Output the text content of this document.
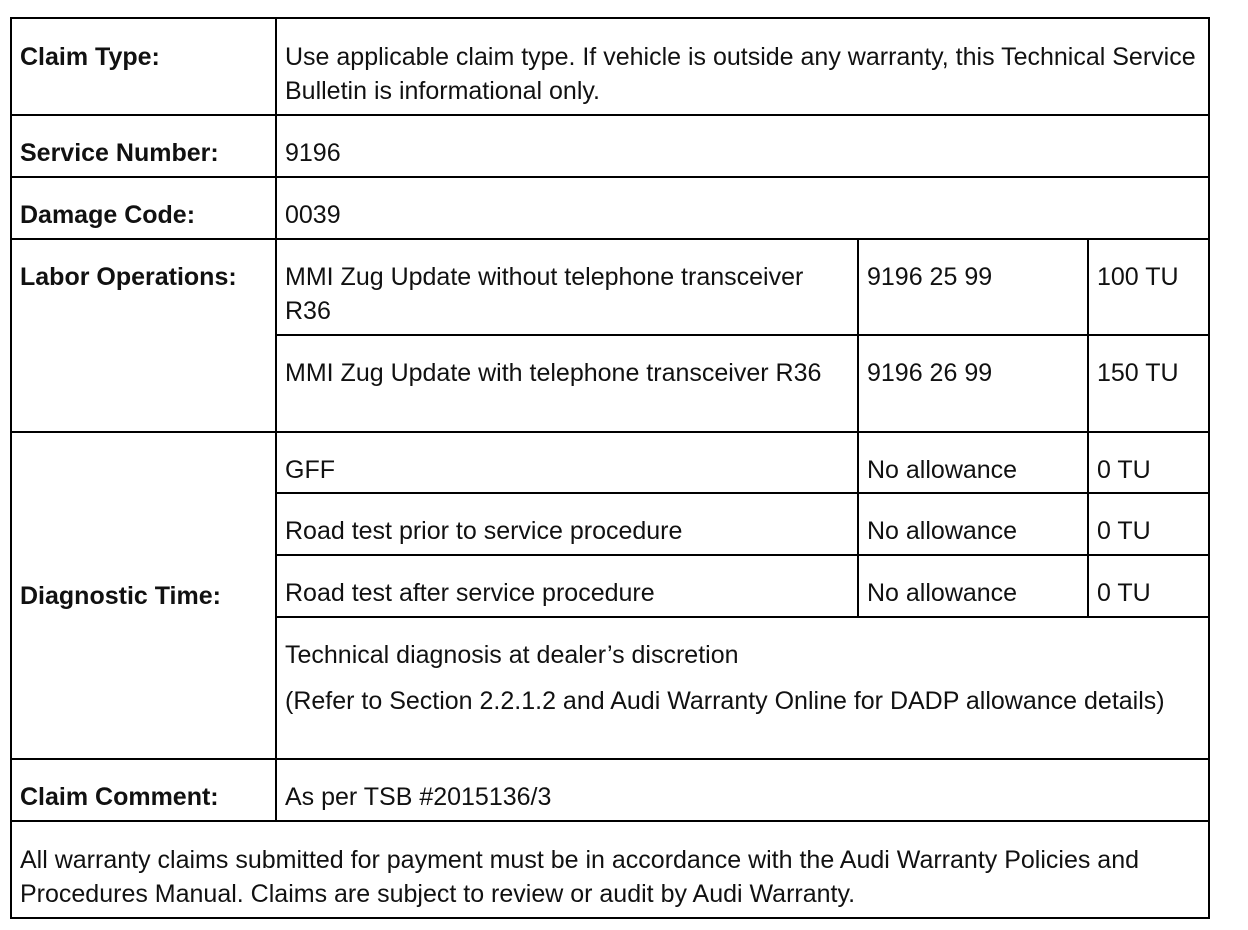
Claim Type:	Use applicable claim type. If vehicle is outside any warranty, this Technical Service Bulletin is informational only.		
Service Number:	9196		
Damage Code:	0039		
Labor Operations:	MMI Zug Update without telephone transceiver R36	9196 25 99	100 TU
	MMI Zug Update with telephone transceiver R36	9196 26 99	150 TU
Diagnostic Time:	GFF	No allowance	0 TU
	Road test prior to service procedure	No allowance	0 TU
	Road test after service procedure	No allowance	0 TU

	Technical diagnosis at dealer’s discretion
(Refer to Section 2.2.1.2 and Audi Warranty Online for DADP allowance details)		

Claim Comment:	As per TSB #2015136/3		
All warranty claims submitted for payment must be in accordance with the Audi Warranty Policies and Procedures Manual. Claims are subject to review or audit by Audi Warranty.			
